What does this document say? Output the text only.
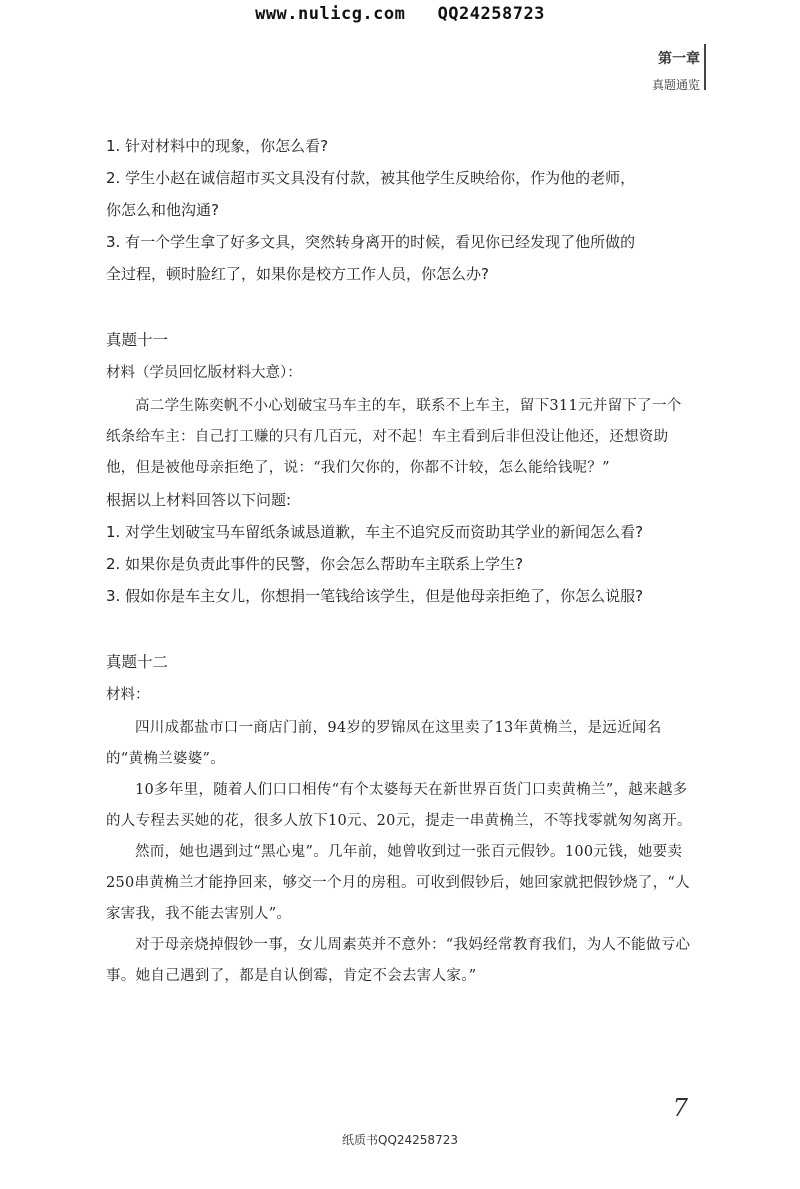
www.nulicg.com   QQ24258723
第一章
真题通览

1. 针对材料中的现象，你怎么看?

2. 学生小赵在诚信超市买文具没有付款，被其他学生反映给你，作为他的老师，

你怎么和他沟通?

3. 有一个学生拿了好多文具，突然转身离开的时候，看见你已经发现了他所做的

全过程，顿时脸红了，如果你是校方工作人员，你怎么办?

真题十一

材料（学员回忆版材料大意）：

高二学生陈奕帆不小心划破宝马车主的车，联系不上车主，留下311元并留下了一个纸条给车主：自己打工赚的只有几百元，对不起！车主看到后非但没让他还，还想资助他，但是被他母亲拒绝了，说：“我们欠你的，你都不计较，怎么能给钱呢？”

根据以上材料回答以下问题:

1. 对学生划破宝马车留纸条诚恳道歉，车主不追究反而资助其学业的新闻怎么看?

2. 如果你是负责此事件的民警，你会怎么帮助车主联系上学生?

3. 假如你是车主女儿，你想捐一笔钱给该学生，但是他母亲拒绝了，你怎么说服?

真题十二

材料：

四川成都盐市口一商店门前，94岁的罗锦凤在这里卖了13年黄桷兰，是远近闻名的“黄桷兰婆婆”。

10多年里，随着人们口口相传“有个太婆每天在新世界百货门口卖黄桷兰”，越来越多的人专程去买她的花，很多人放下10元、20元，提走一串黄桷兰，不等找零就匆匆离开。

然而，她也遇到过“黑心鬼”。几年前，她曾收到过一张百元假钞。100元钱，她要卖250串黄桷兰才能挣回来，够交一个月的房租。可收到假钞后，她回家就把假钞烧了，“人家害我，我不能去害别人”。

对于母亲烧掉假钞一事，女儿周素英并不意外：“我妈经常教育我们，为人不能做亏心事。她自己遇到了，都是自认倒霉，肯定不会去害人家。”

7
纸质书QQ24258723
